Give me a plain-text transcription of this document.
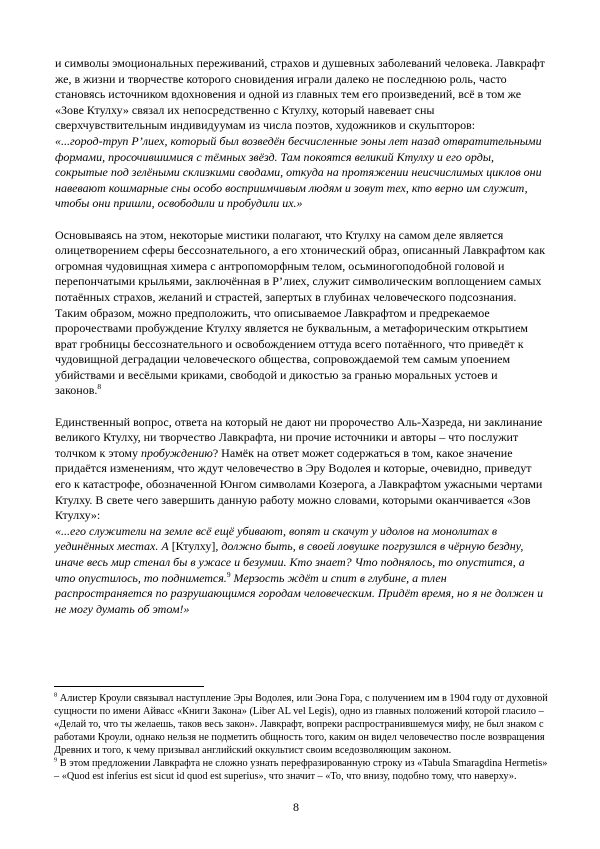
и символы эмоциональных переживаний, страхов и душевных заболеваний человека. Лавкрафт же, в жизни и творчестве которого сновидения играли далеко не последнюю роль, часто становясь источником вдохновения и одной из главных тем его произведений, всё в том же «Зове Ктулху» связал их непосредственно с Ктулху, который навевает сны сверхчувствительным индивидуумам из числа поэтов, художников и скульпторов:

«...город-труп Р’лиех, который был возведён бесчисленные эоны лет назад отвратительными формами, просочившимися с тёмных звёзд. Там покоятся великий Ктулху и его орды, сокрытые под зелёными склизкими сводами, откуда на протяжении неисчислимых циклов они навевают кошмарные сны особо восприимчивым людям и зовут тех, кто верно им служит, чтобы они пришли, освободили и пробудили их.»

Основываясь на этом, некоторые мистики полагают, что Ктулху на самом деле является олицетворением сферы бессознательного, а его хтонический образ, описанный Лавкрафтом как огромная чудовищная химера с антропоморфным телом, осьминогоподобной головой и перепончатыми крыльями, заключённая в Р’лиех, служит символическим воплощением самых потаённых страхов, желаний и страстей, запертых в глубинах человеческого подсознания. Таким образом, можно предположить, что описываемое Лавкрафтом и предрекаемое пророчествами пробуждение Ктулху является не буквальным, а метафорическим открытием врат гробницы бессознательного и освобождением оттуда всего потаённого, что приведёт к чудовищной деградации человеческого общества, сопровождаемой тем самым упоением убийствами и весёлыми криками, свободой и дикостью за гранью моральных устоев и законов.$^8$

Единственный вопрос, ответа на который не дают ни пророчество Аль-Хазреда, ни заклинание великого Ктулху, ни творчество Лавкрафта, ни прочие источники и авторы – что послужит толчком к этому пробуждению? Намёк на ответ может содержаться в том, какое значение придаётся изменениям, что ждут человечество в Эру Водолея и которые, очевидно, приведут его к катастрофе, обозначенной Юнгом символами Козерога, а Лавкрафтом ужасными чертами Ктулху. В свете чего завершить данную работу можно словами, которыми оканчивается «Зов Ктулху»:

«...его служители на земле всё ещё убивают, вопят и скачут у идолов на монолитах в уединённых местах. А [Ктулху], должно быть, в своей ловушке погрузился в чёрную бездну, иначе весь мир стенал бы в ужасе и безумии. Кто знает? Что поднялось, то опустится, а что опустилось, то поднимется.$^9$ Мерзость ждёт и спит в глубине, а тлен распространяется по разрушающимся городам человеческим. Придёт время, но я не должен и не могу думать об этом!»

$^8$ Алистер Кроули связывал наступление Эры Водолея, или Эона Гора, с получением им в 1904 году от духовной сущности по имени Айвасс «Книги Закона» (Liber AL vel Legis), одно из главных положений которой гласило – «Делай то, что ты желаешь, таков весь закон». Лавкрафт, вопреки распространившемуся мифу, не был знаком с работами Кроули, однако нельзя не подметить общность того, каким он видел человечество после возвращения Древних и того, к чему призывал английский оккультист своим вседозволяющим законом.

$^9$ В этом предложении Лавкрафта не сложно узнать перефразированную строку из «Tabula Smaragdina Hermetis» – «Quod est inferius est sicut id quod est superius», что значит – «То, что внизу, подобно тому, что наверху».

8
